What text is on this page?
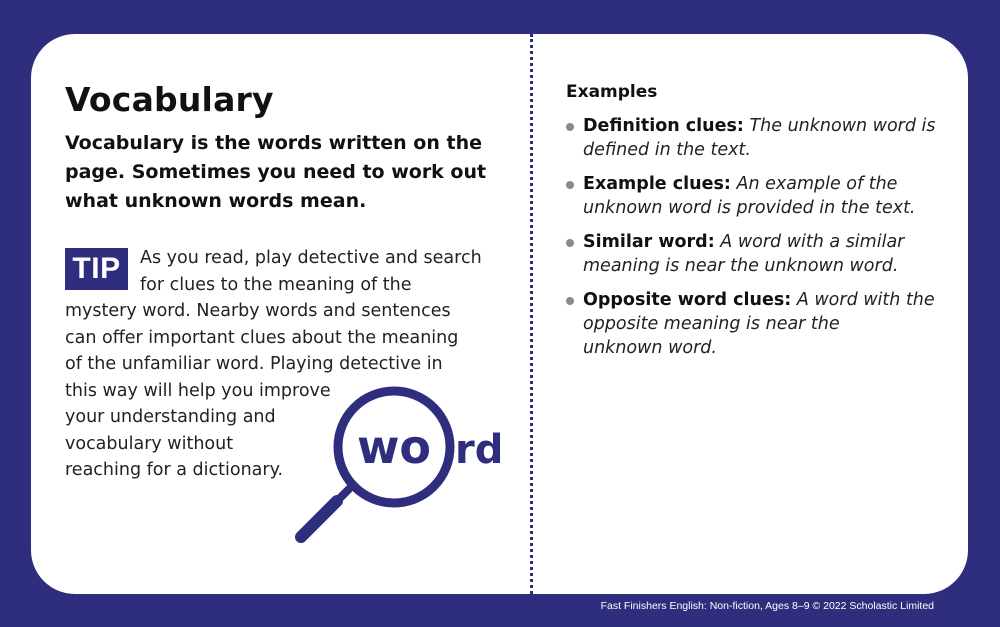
Vocabulary

Vocabulary is the words written on the
page. Sometimes you need to work out
what unknown words mean.

TIP	As you read, play detective and search
for clues to the meaning of the
mystery word. Nearby words and sentences
can offer important clues about the meaning
of the unfamiliar word. Playing detective in
this way will help you improve
your understanding and
vocabulary without
reaching for a dictionary.	wo rd
Examples
Definition clues: The unknown word is
defined in the text.
Example clues: An example of the
unknown word is provided in the text.
Similar word: A word with a similar
meaning is near the unknown word.
Opposite word clues: A word with the
opposite meaning is near the
unknown word.
Fast Finishers English: Non-fiction, Ages 8–9 © 2022 Scholastic Limited
